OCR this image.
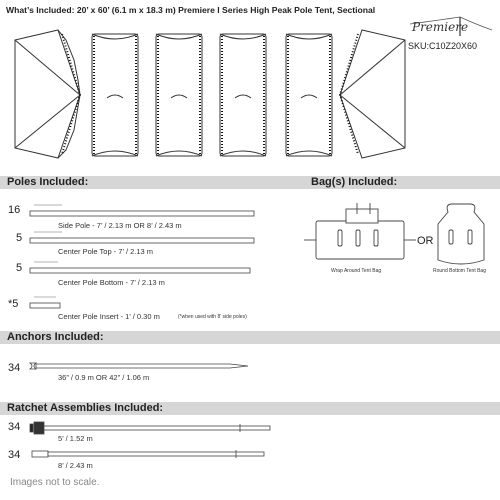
What’s Included: 20’ x 60’ (6.1 m x 18.3 m) Premiere I Series High Peak Pole Tent, Sectional
Premiere
SKU:C10Z20X60
Poles Included:	Bag(s) Included:
16
Side Pole - 7’ / 2.13 m OR 8’ / 2.43 m
5
Center Pole Top - 7’ / 2.13 m
5
Center Pole Bottom - 7’ / 2.13 m
*5
Center Pole Insert - 1’ / 0.30 m	(*when used with 8’ side poles)
OR
Wrap Around Tent Bag	Round Bottom Tent Bag
Anchors Included:
34
36” / 0.9 m OR 42” / 1.06 m
Ratchet Assemblies Included:
34
5’ / 1.52 m
34
8’ / 2.43 m
Images not to scale.
